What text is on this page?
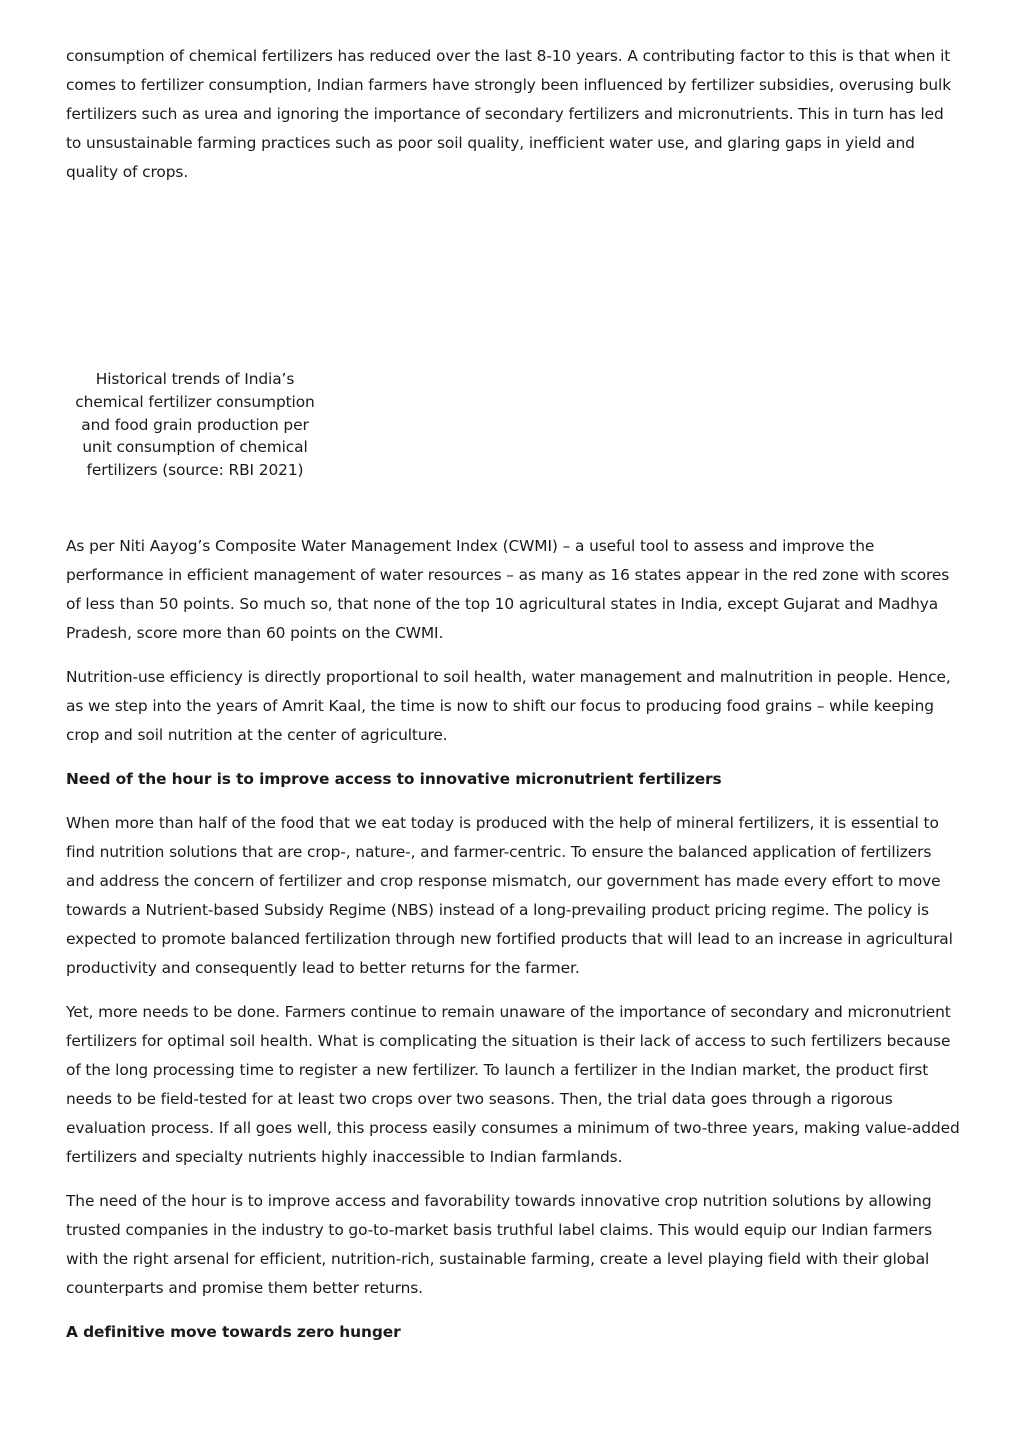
consumption of chemical fertilizers has reduced over the last 8-10 years. A contributing factor to this is that when it comes to fertilizer consumption, Indian farmers have strongly been influenced by fertilizer subsidies, overusing bulk fertilizers such as urea and ignoring the importance of secondary fertilizers and micronutrients. This in turn has led to unsustainable farming practices such as poor soil quality, inefficient water use, and glaring gaps in yield and quality of crops.

Historical trends of India’s chemical fertilizer consumption and food grain production per unit consumption of chemical fertilizers (source: RBI 2021)

As per Niti Aayog’s Composite Water Management Index (CWMI) – a useful tool to assess and improve the performance in efficient management of water resources – as many as 16 states appear in the red zone with scores of less than 50 points. So much so, that none of the top 10 agricultural states in India, except Gujarat and Madhya Pradesh, score more than 60 points on the CWMI.

Nutrition-use efficiency is directly proportional to soil health, water management and malnutrition in people. Hence, as we step into the years of Amrit Kaal, the time is now to shift our focus to producing food grains – while keeping crop and soil nutrition at the center of agriculture.

Need of the hour is to improve access to innovative micronutrient fertilizers

When more than half of the food that we eat today is produced with the help of mineral fertilizers, it is essential to find nutrition solutions that are crop-, nature-, and farmer-centric. To ensure the balanced application of fertilizers and address the concern of fertilizer and crop response mismatch, our government has made every effort to move towards a Nutrient-based Subsidy Regime (NBS) instead of a long-prevailing product pricing regime. The policy is expected to promote balanced fertilization through new fortified products that will lead to an increase in agricultural productivity and consequently lead to better returns for the farmer.

Yet, more needs to be done. Farmers continue to remain unaware of the importance of secondary and micronutrient fertilizers for optimal soil health. What is complicating the situation is their lack of access to such fertilizers because of the long processing time to register a new fertilizer. To launch a fertilizer in the Indian market, the product first needs to be field-tested for at least two crops over two seasons. Then, the trial data goes through a rigorous evaluation process. If all goes well, this process easily consumes a minimum of two-three years, making value-added fertilizers and specialty nutrients highly inaccessible to Indian farmlands.

The need of the hour is to improve access and favorability towards innovative crop nutrition solutions by allowing trusted companies in the industry to go-to-market basis truthful label claims. This would equip our Indian farmers with the right arsenal for efficient, nutrition-rich, sustainable farming, create a level playing field with their global counterparts and promise them better returns.

A definitive move towards zero hunger
